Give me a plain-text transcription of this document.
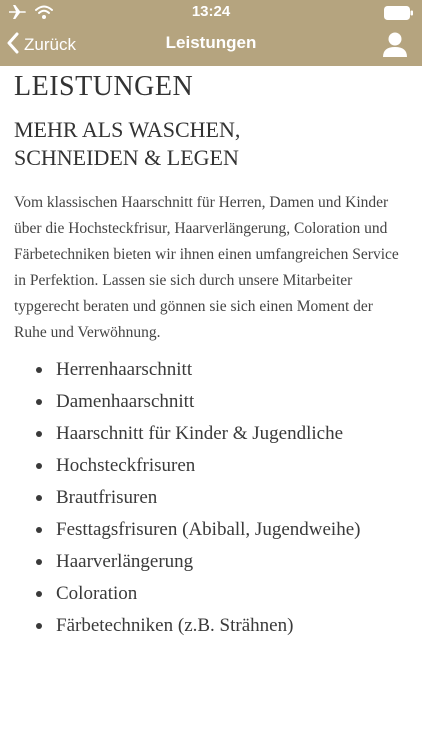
13:24
Zurück	Leistungen
LEISTUNGEN
MEHR ALS WASCHEN,
SCHNEIDEN & LEGEN

Vom klassischen Haarschnitt für Herren, Damen und Kinder über die Hochsteckfrisur, Haarverlängerung, Coloration und Färbetechniken bieten wir ihnen einen umfangreichen Service in Perfektion. Lassen sie sich durch unsere Mitarbeiter typgerecht beraten und gönnen sie sich einen Moment der Ruhe und Verwöhnung.

Herrenhaarschnitt
Damenhaarschnitt
Haarschnitt für Kinder & Jugendliche
Hochsteckfrisuren
Brautfrisuren
Festtagsfrisuren (Abiball, Jugendweihe)
Haarverlängerung
Coloration
Färbetechniken (z.B. Strähnen)
